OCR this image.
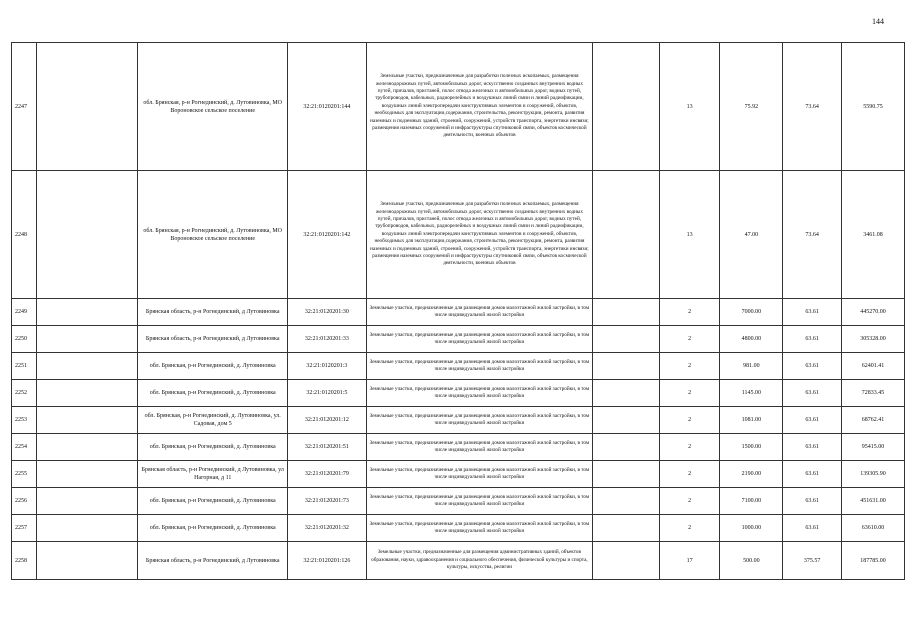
144
2247		обл. Брянская, р-н Рогнединский, д. Лутовиновка, МО Вороновское сельское поселение	32:21:0120201:144	Земельные участки, предназначенные для разработки полезных ископаемых, размещения железнодорожных путей, автомобильных дорог, искусственно созданных внутренних водных путей, причалов, пристаней, полос отвода железных и автомобильных дорог, водных путей, трубопроводов, кабельных, радиорелейных и воздушных линий связи и линий радиофикации, воздушных линий электропередачи конструктивных элементов и сооружений, объектов, необходимых для эксплуатации,содержания, строительства, реконструкции, ремонта, развития наземных и подземных зданий, строений, сооружений, устройств транспорта, энергетики инсвязи; размещения наземных сооружений и инфраструктуры спутниковой связи, объектов космической деятельности, военных объектов		13	75.92	73.64	5590.75
2248		обл. Брянская, р-н Рогнединский, д. Лутовиновка, МО Вороновское сельское поселение	32:21:0120201:142	Земельные участки, предназначенные для разработки полезных ископаемых, размещения железнодорожных путей, автомобильных дорог, искусственно созданных внутренних водных путей, причалов, пристаней, полос отвода железных и автомобильных дорог, водных путей, трубопроводов, кабельных, радиорелейных и воздушных линий связи и линий радиофикации, воздушных линий электропередачи конструктивных элементов и сооружений, объектов, необходимых для эксплуатации,содержания, строительства, реконструкции, ремонта, развития наземных и подземных зданий, строений, сооружений, устройств транспорта, энергетики инсвязи; размещения наземных сооружений и инфраструктуры спутниковой связи, объектов космической деятельности, военных объектов		13	47.00	73.64	3461.08
2249		Брянская область, р-н Рогнединский, д Лутовиновка	32:21:0120201:30	Земельные участки, предназначенные для размещения домов малоэтажной жилой застройки, в том числе индивидуальной жилой застройки		2	7000.00	63.61	445270.00
2250		Брянская область, р-н Рогнединский, д Лутовиновка	32:21:0120201:33	Земельные участки, предназначенные для размещения домов малоэтажной жилой застройки, в том числе индивидуальной жилой застройки		2	4800.00	63.61	305328.00
2251		обл. Брянская, р-н Рогнединский, д. Лутовиновка	32:21:0120201:3	Земельные участки, предназначенные для размещения домов малоэтажной жилой застройки, в том числе индивидуальной жилой застройки		2	981.00	63.61	62401.41
2252		обл. Брянская, р-н Рогнединский, д. Лутовиновка	32:21:0120201:5	Земельные участки, предназначенные для размещения домов малоэтажной жилой застройки, в том числе индивидуальной жилой застройки		2	1145.00	63.61	72833.45
2253		обл. Брянская, р-н Рогнединский, д. Лутовиновка, ул. Садовая, дом 5	32:21:0120201:12	Земельные участки, предназначенные для размещения домов малоэтажной жилой застройки, в том числе индивидуальной жилой застройки		2	1081.00	63.61	68762.41
2254		обл. Брянская, р-н Рогнединский, д. Лутовиновка	32:21:0120201:51	Земельные участки, предназначенные для размещения домов малоэтажной жилой застройки, в том числе индивидуальной жилой застройки		2	1500.00	63.61	95415.00
2255		Брянская область, р-н Рогнединский, д Лутовиновка, ул Нагорная, д 11	32:21:0120201:79	Земельные участки, предназначенные для размещения домов малоэтажной жилой застройки, в том числе индивидуальной жилой застройки		2	2190.00	63.61	139305.90
2256		обл. Брянская, р-н Рогнединский, д. Лутовиновка	32:21:0120201:73	Земельные участки, предназначенные для размещения домов малоэтажной жилой застройки, в том числе индивидуальной жилой застройки		2	7100.00	63.61	451631.00
2257		обл. Брянская, р-н Рогнединский, д. Лутовиновка	32:21:0120201:32	Земельные участки, предназначенные для размещения домов малоэтажной жилой застройки, в том числе индивидуальной жилой застройки		2	1000.00	63.61	63610.00
2258		Брянская область, р-н Рогнединский, д Лутовиновка	32:21:0120201:126	Земельные участки, предназначенные для размещения административных зданий, объектов образования, науки, здравоохранения и социального обеспечения, физической культуры и спорта, культуры, искусства, религии		17	500.00	375.57	187785.00
